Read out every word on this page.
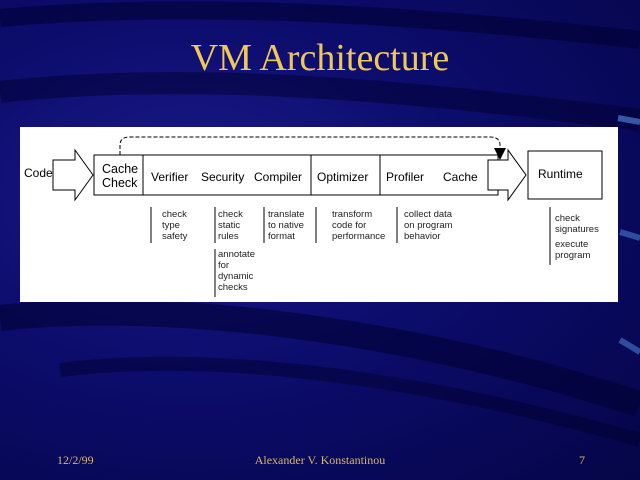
VM Architecture
Code	Cache
Check Verifier Security Compiler Optimizer Profiler Cache	Runtime
check
type
safety
check
static
rules
annotate
for
dynamic
checks
translate
to native
format
transform
code for
performance
collect data
on program
behavior
check
signatures
execute
program
12/2/99	Alexander V. Konstantinou	7
